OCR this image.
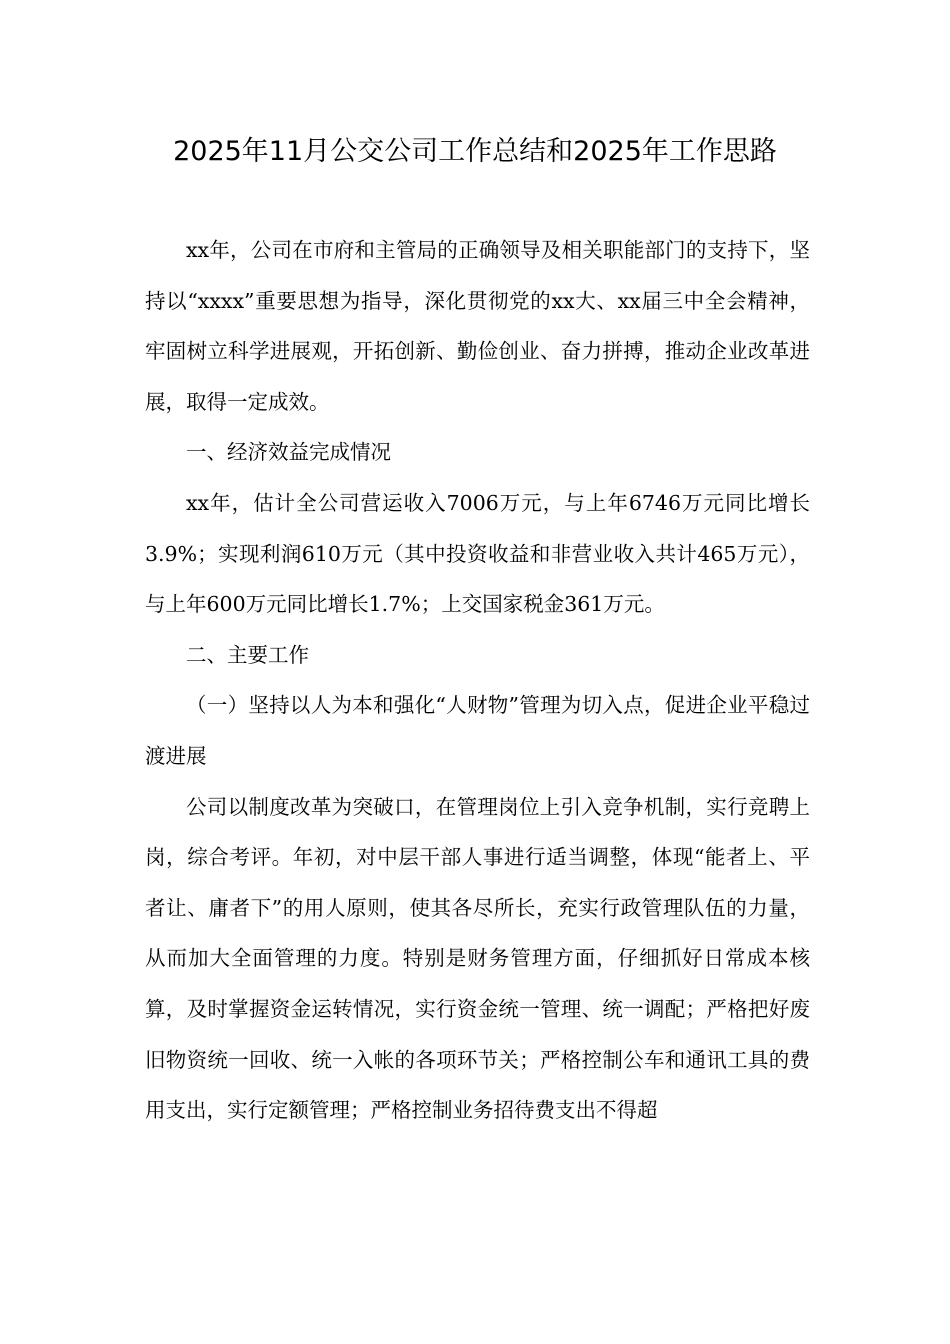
2025年11月公交公司工作总结和2025年工作思路

xx年，公司在市府和主管局的正确领导及相关职能部门的支持下，坚持以“xxxx”重要思想为指导，深化贯彻党的xx大、xx届三中全会精神，牢固树立科学进展观，开拓创新、勤俭创业、奋力拼搏，推动企业改革进展，取得一定成效。

一、经济效益完成情况

xx年，估计全公司营运收入7006万元，与上年6746万元同比增长3.9%；实现利润610万元（其中投资收益和非营业收入共计465万元），与上年600万元同比增长1.7%；上交国家税金361万元。

二、主要工作

（一）坚持以人为本和强化“人财物”管理为切入点，促进企业平稳过渡进展

公司以制度改革为突破口，在管理岗位上引入竞争机制，实行竞聘上岗，综合考评。年初，对中层干部人事进行适当调整，体现“能者上、平者让、庸者下”的用人原则，使其各尽所长，充实行政管理队伍的力量，从而加大全面管理的力度。特别是财务管理方面，仔细抓好日常成本核算，及时掌握资金运转情况，实行资金统一管理、统一调配；严格把好废旧物资统一回收、统一入帐的各项环节关；严格控制公车和通讯工具的费用支出，实行定额管理；严格控制业务招待费支出不得超
